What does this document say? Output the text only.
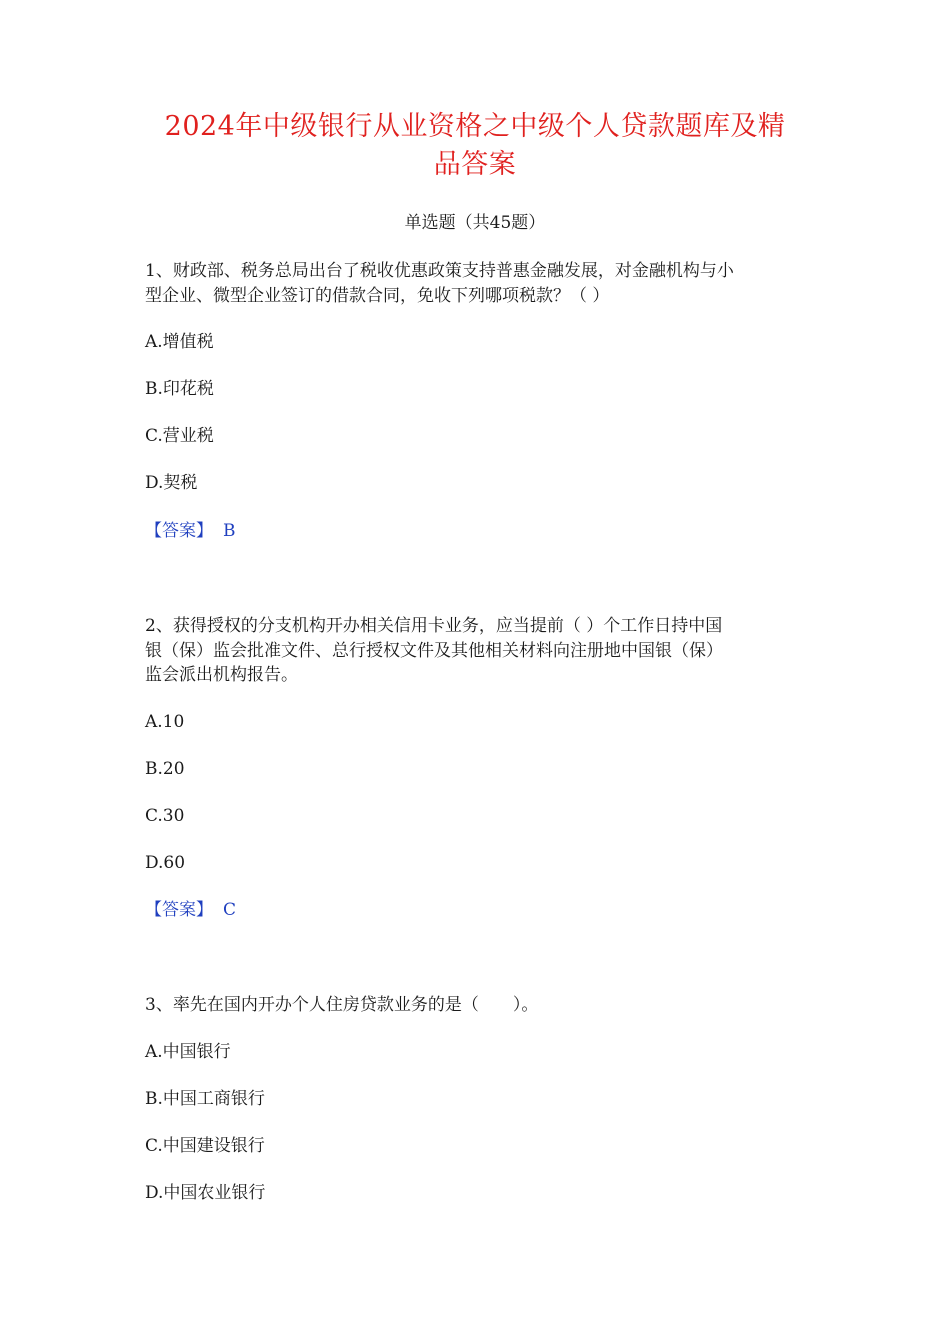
2024年中级银行从业资格之中级个人贷款题库及精
品答案
单选题（共45题）
1、财政部、税务总局出台了税收优惠政策支持普惠金融发展，对金融机构与小
型企业、微型企业签订的借款合同，免收下列哪项税款？（ ）
A.增值税
B.印花税
C.营业税
D.契税
【答案】 B
2、获得授权的分支机构开办相关信用卡业务，应当提前（ ）个工作日持中国
银（保）监会批准文件、总行授权文件及其他相关材料向注册地中国银（保）
监会派出机构报告。
A.10
B.20
C.30
D.60
【答案】 C
3、率先在国内开办个人住房贷款业务的是（　　）。
A.中国银行
B.中国工商银行
C.中国建设银行
D.中国农业银行
